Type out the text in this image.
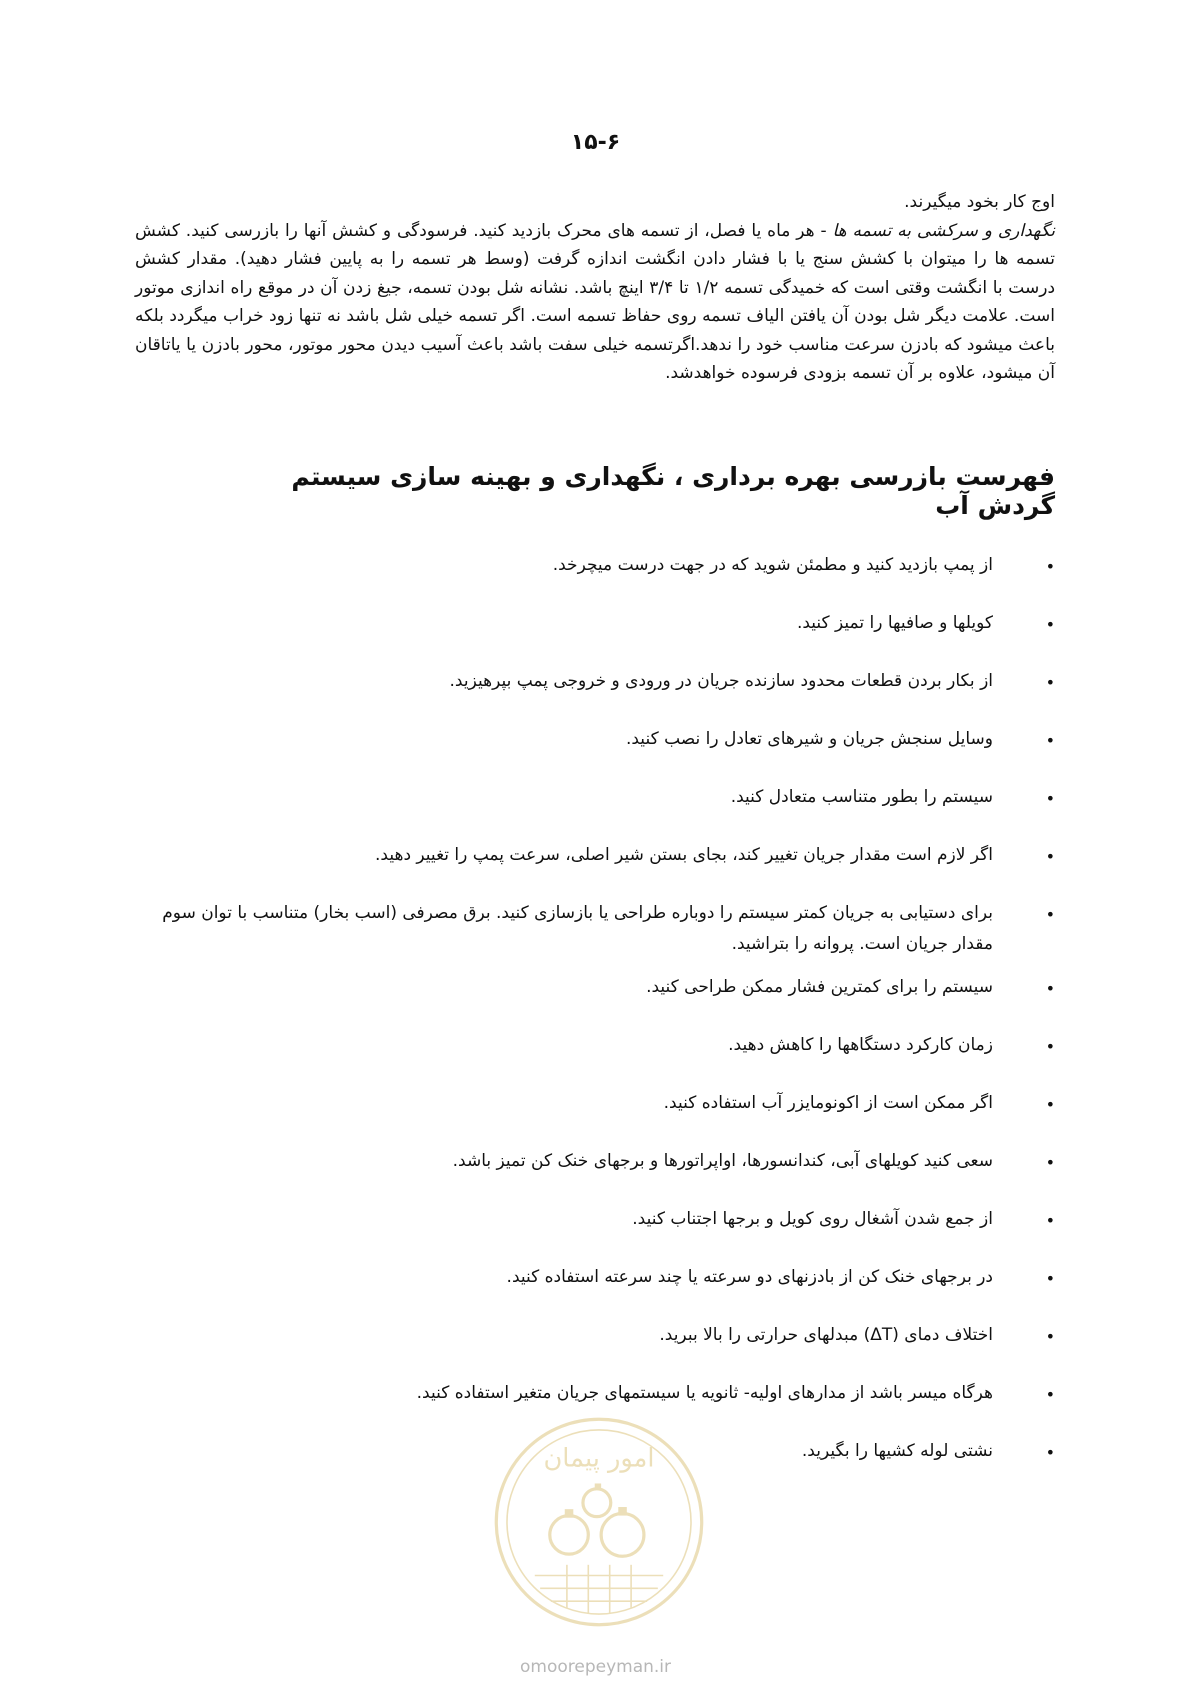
۱۵-۶
اوج کار بخود میگیرند.
نگهداری و سرکشی به تسمه ها - هر ماه یا فصل، از تسمه های محرک بازدید کنید. فرسودگی و کشش آنها را بازرسی کنید. کشش تسمه ها را میتوان با کشش سنج یا با فشار دادن انگشت اندازه گرفت (وسط هر تسمه را به پایین فشار دهید). مقدار کشش درست با انگشت وقتی است که خمیدگی تسمه ۱/۲ تا ۳/۴ اینچ باشد. نشانه شل بودن تسمه، جیغ زدن آن در موقع راه اندازی موتور است. علامت دیگر شل بودن آن یافتن الیاف تسمه روی حفاظ تسمه است. اگر تسمه خیلی شل باشد نه تنها زود خراب میگردد بلکه باعث میشود که بادزن سرعت مناسب خود را ندهد.اگرتسمه خیلی سفت باشد باعث آسیب دیدن محور موتور، محور بادزن یا یاتاقان آن میشود، علاوه بر آن تسمه بزودی فرسوده خواهدشد.
فهرست بازرسی بهره برداری ، نگهداری و بهینه سازی سیستم گردش آب
•
از پمپ بازدید کنید و مطمئن شوید که در جهت درست میچرخد.
•
کویلها و صافیها را تمیز کنید.
•
از بکار بردن قطعات محدود سازنده جریان در ورودی و خروجی پمپ بپرهیزید.
•
وسایل سنجش جریان و شیرهای تعادل را نصب کنید.
•
سیستم را بطور متناسب متعادل کنید.
•
اگر لازم است مقدار جریان تغییر کند، بجای بستن شیر اصلی، سرعت پمپ را تغییر دهید.
•
برای دستیابی به جریان کمتر سیستم را دوباره طراحی یا بازسازی کنید. برق مصرفی (اسب بخار) متناسب با توان سوم مقدار جریان است. پروانه را بتراشید.
•
سیستم را برای کمترین فشار ممکن طراحی کنید.
•
زمان کارکرد دستگاهها را کاهش دهید.
•
اگر ممکن است از اکونومایزر آب استفاده کنید.
•
سعی کنید کویلهای آبی، کندانسورها، اواپراتورها و برجهای خنک کن تمیز باشد.
•
از جمع شدن آشغال روی کویل و برجها اجتناب کنید.
•
در برجهای خنک کن از بادزنهای دو سرعته یا چند سرعته استفاده کنید.
•
اختلاف دمای (ΔT) مبدلهای حرارتی را بالا ببرید.
•
هرگاه میسر باشد از مدارهای اولیه- ثانویه یا سیستمهای جریان متغیر استفاده کنید.
•
نشتی لوله کشیها را بگیرید.
امور پیمان
omoorepeyman.ir
